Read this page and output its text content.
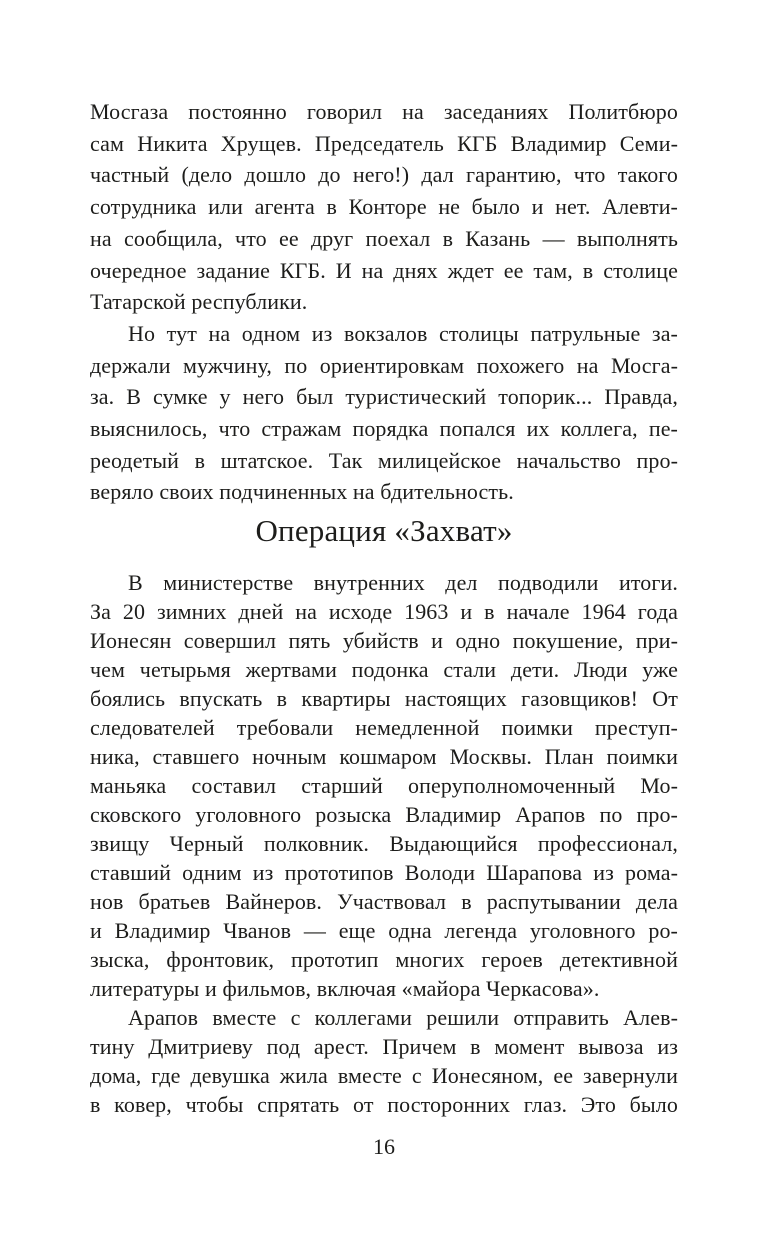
Мосгаза постоянно говорил на заседаниях Политбюро
сам Никита Хрущев. Председатель КГБ Владимир Семи-
частный (дело дошло до него!) дал гарантию, что такого
сотрудника или агента в Конторе не было и нет. Алевти-
на сообщила, что ее друг поехал в Казань — выполнять
очередное задание КГБ. И на днях ждет ее там, в столице
Татарской республики.
Но тут на одном из вокзалов столицы патрульные за-
держали мужчину, по ориентировкам похожего на Мосга-
за. В сумке у него был туристический топорик... Правда,
выяснилось, что стражам порядка попался их коллега, пе-
реодетый в штатское. Так милицейское начальство про-
веряло своих подчиненных на бдительность.
Операция «Захват»
В министерстве внутренних дел подводили итоги.
За 20 зимних дней на исходе 1963 и в начале 1964 года
Ионесян совершил пять убийств и одно покушение, при-
чем четырьмя жертвами подонка стали дети. Люди уже
боялись впускать в квартиры настоящих газовщиков! От
следователей требовали немедленной поимки преступ-
ника, ставшего ночным кошмаром Москвы. План поимки
маньяка составил старший оперуполномоченный Мо-
сковского уголовного розыска Владимир Арапов по про-
звищу Черный полковник. Выдающийся профессионал,
ставший одним из прототипов Володи Шарапова из рома-
нов братьев Вайнеров. Участвовал в распутывании дела
и Владимир Чванов — еще одна легенда уголовного ро-
зыска, фронтовик, прототип многих героев детективной
литературы и фильмов, включая «майора Черкасова».
Арапов вместе с коллегами решили отправить Алев-
тину Дмитриеву под арест. Причем в момент вывоза из
дома, где девушка жила вместе с Ионесяном, ее завернули
в ковер, чтобы спрятать от посторонних глаз. Это было
16
